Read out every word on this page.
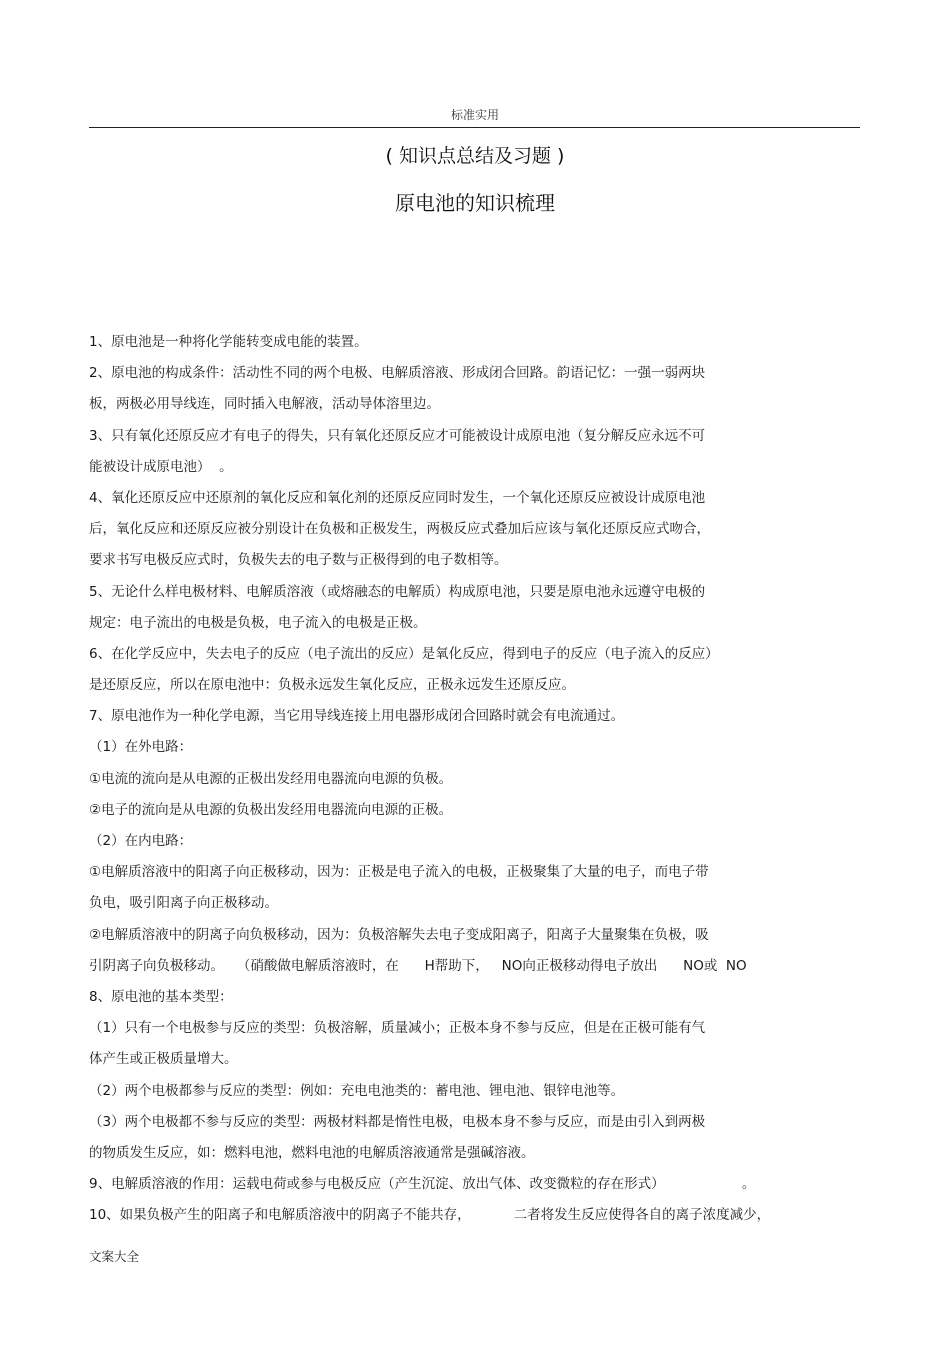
标准实用
( 知识点总结及习题 )
原电池的知识梳理
1、原电池是一种将化学能转变成电能的装置。
2、原电池的构成条件：活动性不同的两个电极、电解质溶液、形成闭合回路。韵语记忆：一强一弱两块
板，两极必用导线连，同时插入电解液，活动导体溶里边。
3、只有氧化还原反应才有电子的得失，只有氧化还原反应才可能被设计成原电池（复分解反应永远不可
能被设计成原电池）  。
4、氧化还原反应中还原剂的氧化反应和氧化剂的还原反应同时发生，一个氧化还原反应被设计成原电池
后，氧化反应和还原反应被分别设计在负极和正极发生，两极反应式叠加后应该与氧化还原反应式吻合，
要求书写电极反应式时，负极失去的电子数与正极得到的电子数相等。
5、无论什么样电极材料、电解质溶液（或熔融态的电解质）构成原电池，只要是原电池永远遵守电极的
规定：电子流出的电极是负极，电子流入的电极是正极。
6、在化学反应中，失去电子的反应（电子流出的反应）是氧化反应，得到电子的反应（电子流入的反应）
是还原反应，所以在原电池中：负极永远发生氧化反应，正极永远发生还原反应。
7、原电池作为一种化学电源，当它用导线连接上用电器形成闭合回路时就会有电流通过。
（1）在外电路：
①电流的流向是从电源的正极出发经用电器流向电源的负极。
②电子的流向是从电源的负极出发经用电器流向电源的正极。
（2）在内电路：
①电解质溶液中的阳离子向正极移动，因为：正极是电子流入的电极，正极聚集了大量的电子，而电子带
负电，吸引阳离子向正极移动。
②电解质溶液中的阴离子向负极移动，因为：负极溶解失去电子变成阳离子，阳离子大量聚集在负极，吸
引阴离子向负极移动。   （硝酸做电解质溶液时，在      H帮助下，   NO向正极移动得电子放出      NO或  NO
8、原电池的基本类型：
（1）只有一个电极参与反应的类型：负极溶解，质量减小；正极本身不参与反应，但是在正极可能有气
体产生或正极质量增大。
（2）两个电极都参与反应的类型：例如：充电电池类的：蓄电池、锂电池、银锌电池等。
（3）两个电极都不参与反应的类型：两极材料都是惰性电极，电极本身不参与反应，而是由引入到两极
的物质发生反应，如：燃料电池，燃料电池的电解质溶液通常是强碱溶液。
9、电解质溶液的作用：运载电荷或参与电极反应（产生沉淀、放出气体、改变微粒的存在形式）                  。
10、如果负极产生的阳离子和电解质溶液中的阴离子不能共存，          二者将发生反应使得各自的离子浓度减少，
文案大全
